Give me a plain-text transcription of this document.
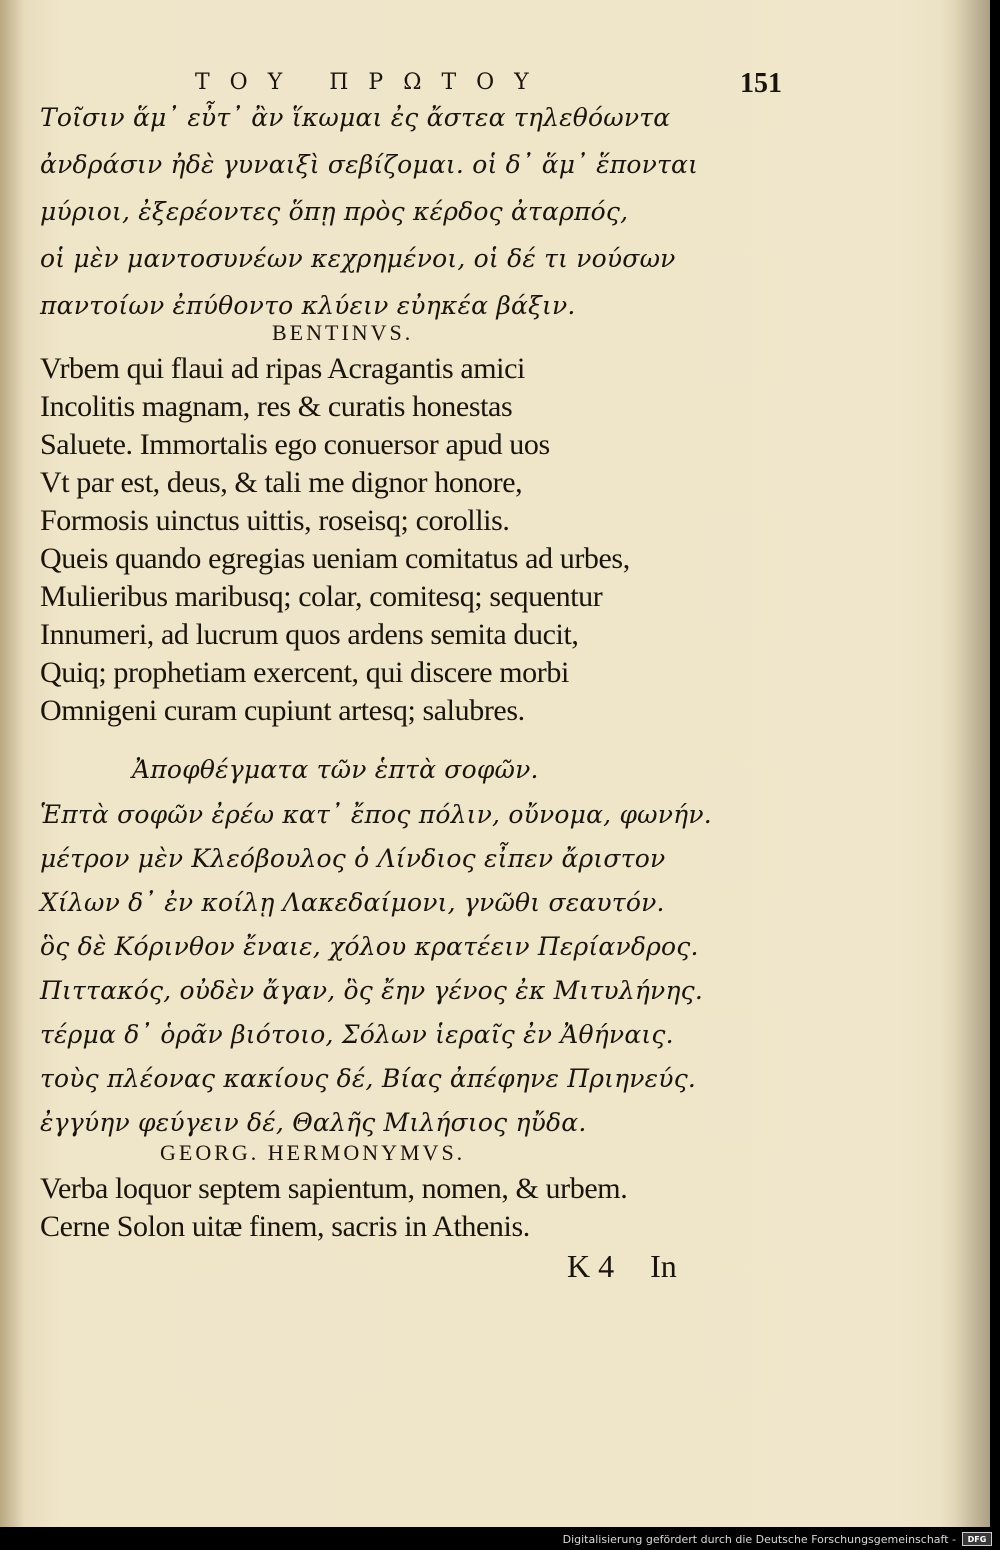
ΤΟΥ ΠΡΩΤΟΥ	151
Τοῖσιν ἅμ᾽ εὖτ᾽ ἂν ἵκωμαι ἐς ἄστεα τηλεθόωντα
ἀνδράσιν ἠδὲ γυναιξὶ σεβίζομαι. οἱ δ᾽ ἅμ᾽ ἕπονται
μύριοι, ἐξερέοντες ὅπῃ πρὸς κέρδος ἀταρπός,
οἱ μὲν μαντοσυνέων κεχρημένοι, οἱ δέ τι νούσων
παντοίων ἐπύθοντο κλύειν εὐηκέα βάξιν.
BENTINVS.
Vrbem qui flaui ad ripas Acragantis amici
Incolitis magnam, res & curatis honestas
Saluete. Immortalis ego conuersor apud uos
Vt par est, deus, & tali me dignor honore,
Formosis uinctus uittis, roseisq; corollis.
Queis quando egregias ueniam comitatus ad urbes,
Mulieribus maribusq; colar, comitesq; sequentur
Innumeri, ad lucrum quos ardens semita ducit,
Quiq; prophetiam exercent, qui discere morbi
Omnigeni curam cupiunt artesq; salubres.
Ἀποφθέγματα τῶν ἑπτὰ σοφῶν.
Ἑπτὰ σοφῶν ἐρέω κατ᾽ ἔπος πόλιν, οὔνομα, φωνήν.
μέτρον μὲν Κλεόβουλος ὁ Λίνδιος εἶπεν ἄριστον
Χίλων δ᾽ ἐν κοίλῃ Λακεδαίμονι, γνῶθι σεαυτόν.
ὃς δὲ Κόρινθον ἔναιε, χόλου κρατέειν Περίανδρος.
Πιττακός, οὐδὲν ἄγαν, ὃς ἔην γένος ἐκ Μιτυλήνης.
τέρμα δ᾽ ὁρᾶν βιότοιο, Σόλων ἱεραῖς ἐν Ἀθήναις.
τοὺς πλέονας κακίους δέ, Βίας ἀπέφηνε Πριηνεύς.
ἐγγύην φεύγειν δέ, Θαλῆς Μιλήσιος ηὔδα.
GEORG. HERMONYMVS.
Verba loquor septem sapientum, nomen, & urbem.
Cerne Solon uitæ finem, sacris in Athenis.
K 4 In
Digitalisierung gefördert durch die Deutsche Forschungsgemeinschaft -	DFG
